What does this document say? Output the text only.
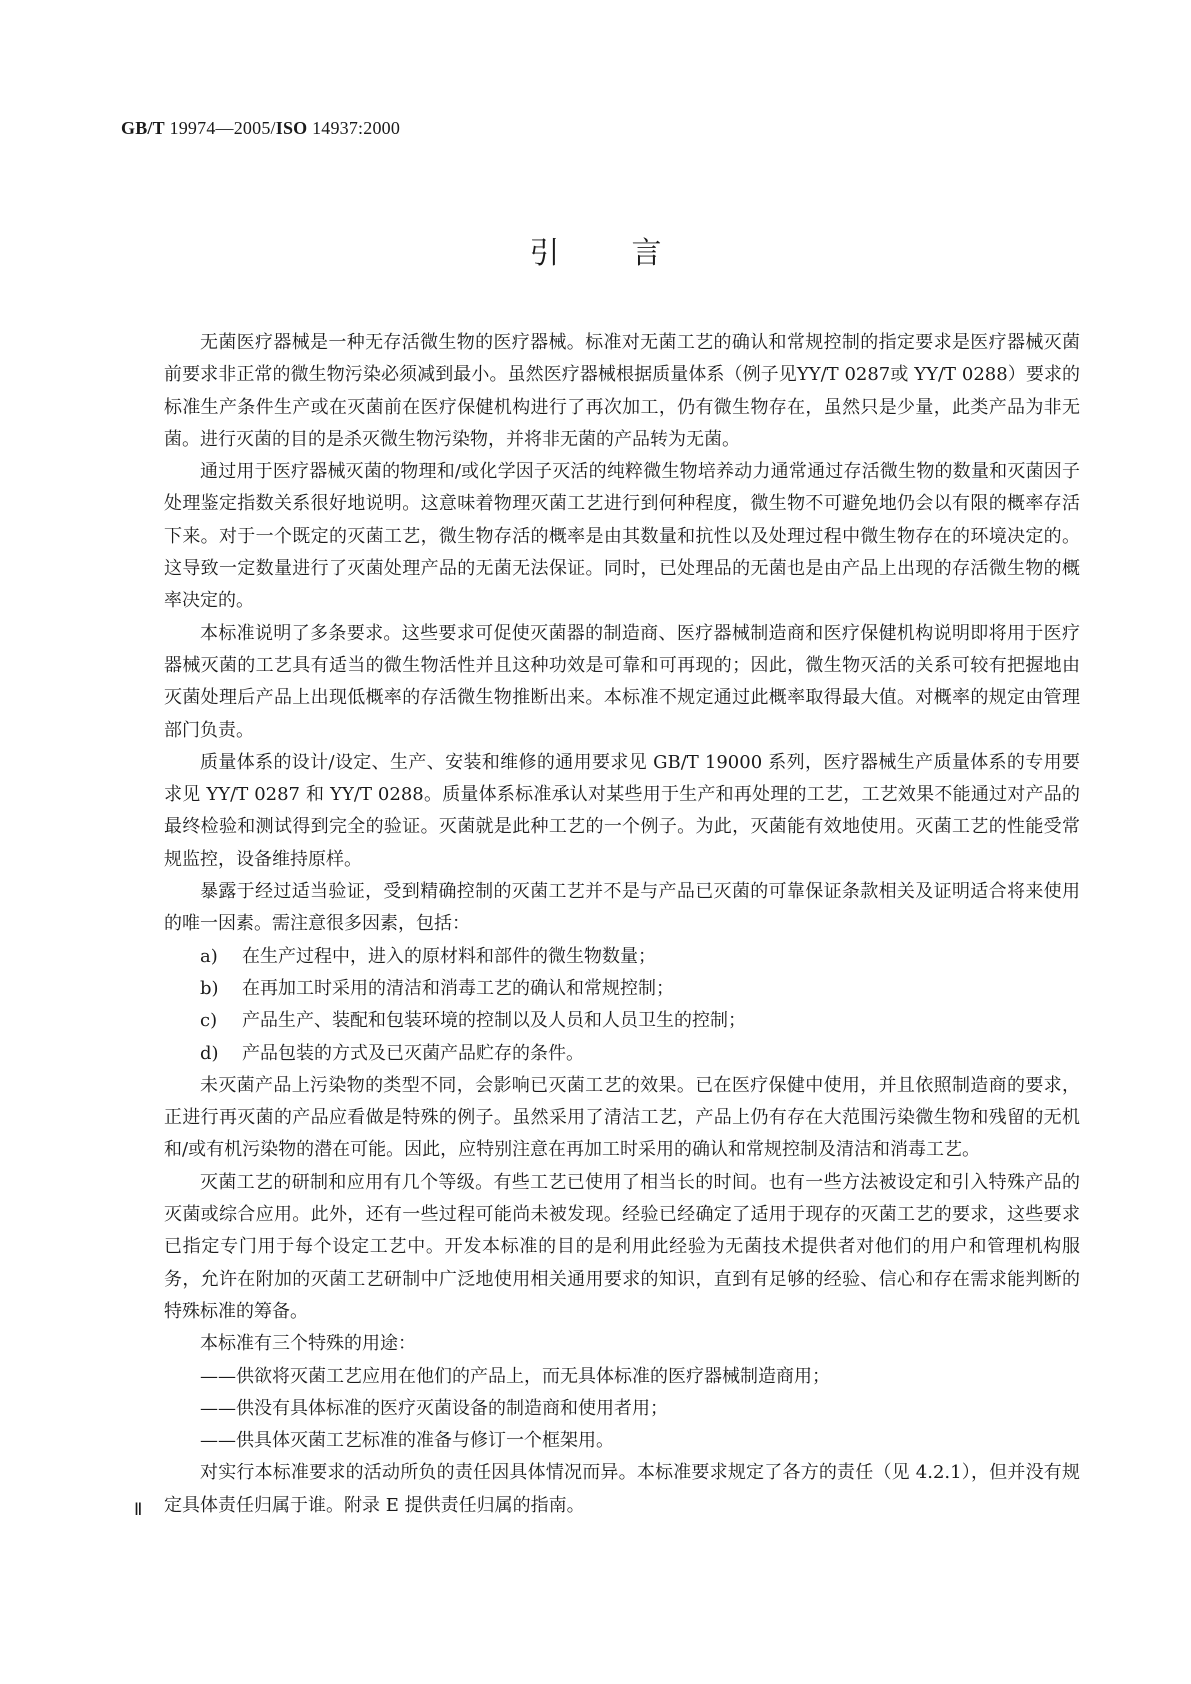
GB/T 19974—2005/ISO 14937:2000
引 言

无菌医疗器械是一种无存活微生物的医疗器械。标准对无菌工艺的确认和常规控制的指定要求是医疗器械灭菌前要求非正常的微生物污染必须减到最小。虽然医疗器械根据质量体系（例子见YY/T 0287或 YY/T 0288）要求的标准生产条件生产或在灭菌前在医疗保健机构进行了再次加工，仍有微生物存在，虽然只是少量，此类产品为非无菌。进行灭菌的目的是杀灭微生物污染物，并将非无菌的产品转为无菌。

通过用于医疗器械灭菌的物理和/或化学因子灭活的纯粹微生物培养动力通常通过存活微生物的数量和灭菌因子处理鉴定指数关系很好地说明。这意味着物理灭菌工艺进行到何种程度，微生物不可避免地仍会以有限的概率存活下来。对于一个既定的灭菌工艺，微生物存活的概率是由其数量和抗性以及处理过程中微生物存在的环境决定的。这导致一定数量进行了灭菌处理产品的无菌无法保证。同时，已处理品的无菌也是由产品上出现的存活微生物的概率决定的。

本标准说明了多条要求。这些要求可促使灭菌器的制造商、医疗器械制造商和医疗保健机构说明即将用于医疗器械灭菌的工艺具有适当的微生物活性并且这种功效是可靠和可再现的；因此，微生物灭活的关系可较有把握地由灭菌处理后产品上出现低概率的存活微生物推断出来。本标准不规定通过此概率取得最大值。对概率的规定由管理部门负责。

质量体系的设计/设定、生产、安装和维修的通用要求见 GB/T 19000 系列，医疗器械生产质量体系的专用要求见 YY/T 0287 和 YY/T 0288。质量体系标准承认对某些用于生产和再处理的工艺，工艺效果不能通过对产品的最终检验和测试得到完全的验证。灭菌就是此种工艺的一个例子。为此，灭菌能有效地使用。灭菌工艺的性能受常规监控，设备维持原样。

暴露于经过适当验证，受到精确控制的灭菌工艺并不是与产品已灭菌的可靠保证条款相关及证明适合将来使用的唯一因素。需注意很多因素，包括：

a) 在生产过程中，进入的原材料和部件的微生物数量；

b) 在再加工时采用的清洁和消毒工艺的确认和常规控制；

c) 产品生产、装配和包装环境的控制以及人员和人员卫生的控制；

d) 产品包装的方式及已灭菌产品贮存的条件。

未灭菌产品上污染物的类型不同，会影响已灭菌工艺的效果。已在医疗保健中使用，并且依照制造商的要求，正进行再灭菌的产品应看做是特殊的例子。虽然采用了清洁工艺，产品上仍有存在大范围污染微生物和残留的无机和/或有机污染物的潜在可能。因此，应特别注意在再加工时采用的确认和常规控制及清洁和消毒工艺。

灭菌工艺的研制和应用有几个等级。有些工艺已使用了相当长的时间。也有一些方法被设定和引入特殊产品的灭菌或综合应用。此外，还有一些过程可能尚未被发现。经验已经确定了适用于现存的灭菌工艺的要求，这些要求已指定专门用于每个设定工艺中。开发本标准的目的是利用此经验为无菌技术提供者对他们的用户和管理机构服务，允许在附加的灭菌工艺研制中广泛地使用相关通用要求的知识，直到有足够的经验、信心和存在需求能判断的特殊标准的筹备。

本标准有三个特殊的用途：

——供欲将灭菌工艺应用在他们的产品上，而无具体标准的医疗器械制造商用；

——供没有具体标准的医疗灭菌设备的制造商和使用者用；

——供具体灭菌工艺标准的准备与修订一个框架用。

对实行本标准要求的活动所负的责任因具体情况而异。本标准要求规定了各方的责任（见 4.2.1），但并没有规定具体责任归属于谁。附录 E 提供责任归属的指南。

Ⅱ
